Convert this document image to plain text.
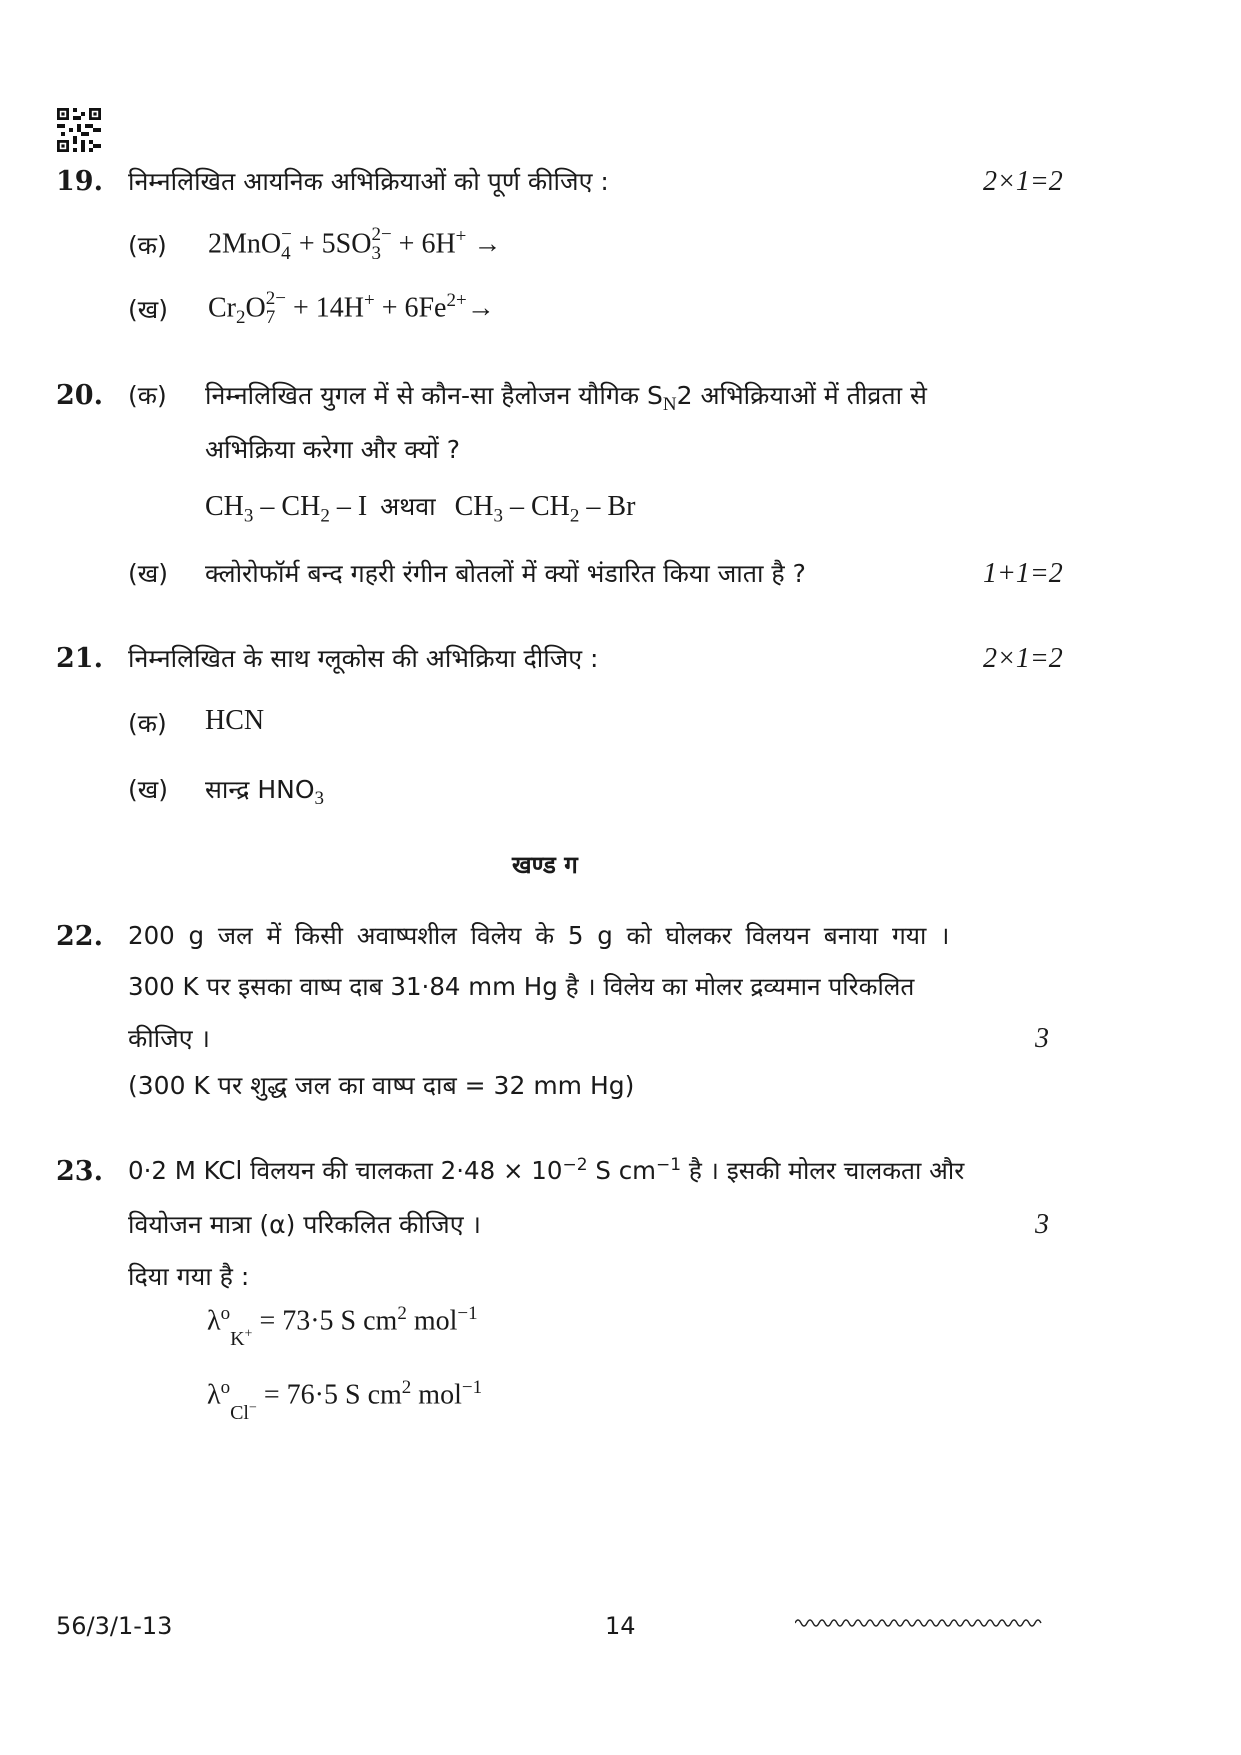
19. निम्नलिखित आयनिक अभिक्रियाओं को पूर्ण कीजिए :	2×1=2
(क) 2MnO −
4 + 5SO 2−
3 + 6H+ →
(ख) $Cr_2O$ 2−
$7 + 14H^+ + 6Fe^{2+}\to$
20. (क) निम्नलिखित युगल में से कौन-सा हैलोजन यौगिक $S_N2$ अभिक्रियाओं में तीव्रता से
अभिक्रिया करेगा और क्यों ?
$CH_3 - CH_2$ – I अथवा $CH_3 - CH_2$ – Br
(ख) क्लोरोफॉर्म बन्द गहरी रंगीन बोतलों में क्यों भंडारित किया जाता है ?	1+1=2
21. निम्नलिखित के साथ ग्लूकोस की अभिक्रिया दीजिए :	2×1=2
(क) HCN
(ख) सान्द्र $HNO_3$
खण्ड ग
22. 200 g जल में किसी अवाष्पशील विलेय के 5 g को घोलकर विलयन बनाया गया ।
300 K पर इसका वाष्प दाब 31·84 mm Hg है । विलेय का मोलर द्रव्यमान परिकलित
कीजिए ।	3
(300 K पर शुद्ध जल का वाष्प दाब = 32 mm Hg)
23. 0·2 M KCl विलयन की चालकता $2\cdot 48 \times 10^{-2}$ S $cm^{-1}$ है । इसकी मोलर चालकता और
वियोजन मात्रा (α) परिकलित कीजिए ।	3
दिया गया है :
$\lambda^o_{K^+} = 73\cdot 5$ S $cm^2$ mol$^{-1}$
$\lambda^o_{Cl^-} = 76\cdot 5$ S $cm^2$ mol$^{-1}$
56/3/1-13	14
